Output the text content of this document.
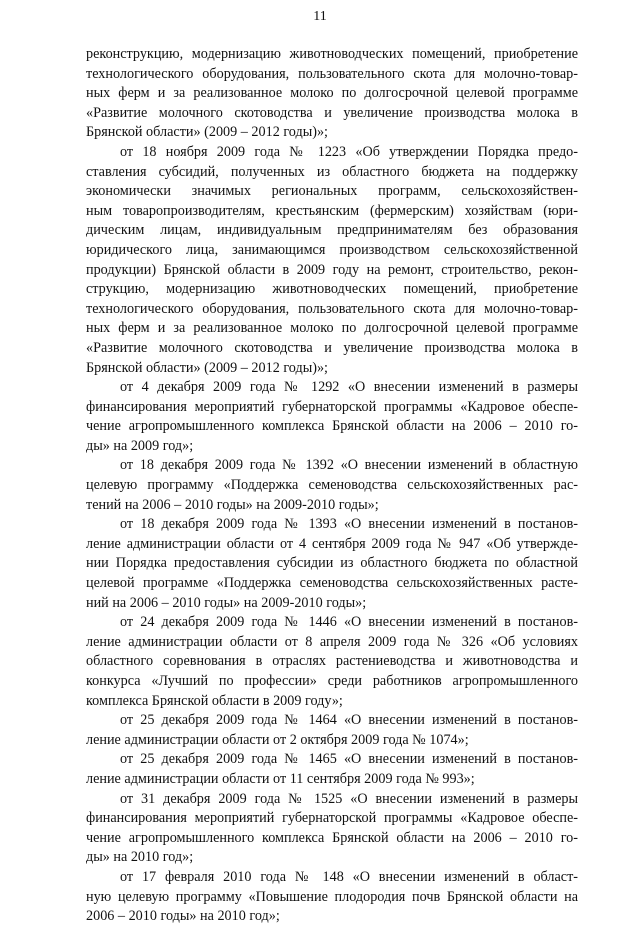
11
реконструкцию, модернизацию животноводческих помещений, приобретение
технологического оборудования, пользовательного скота для молочно-товар-
ных ферм и за реализованное молоко по долгосрочной целевой программе
«Развитие молочного скотоводства и увеличение производства молока в
Брянской области» (2009 – 2012 годы)»;
от 18 ноября 2009 года № 1223 «Об утверждении Порядка предо-
ставления субсидий, полученных из областного бюджета на поддержку
экономически значимых региональных программ, сельскохозяйствен-
ным товаропроизводителям, крестьянским (фермерским) хозяйствам (юри-
дическим лицам, индивидуальным предпринимателям без образования
юридического лица, занимающимся производством сельскохозяйственной
продукции) Брянской области в 2009 году на ремонт, строительство, рекон-
струкцию, модернизацию животноводческих помещений, приобретение
технологического оборудования, пользовательного скота для молочно-товар-
ных ферм и за реализованное молоко по долгосрочной целевой программе
«Развитие молочного скотоводства и увеличение производства молока в
Брянской области» (2009 – 2012 годы)»;
от 4 декабря 2009 года № 1292 «О внесении изменений в размеры
финансирования мероприятий губернаторской программы «Кадровое обеспе-
чение агропромышленного комплекса Брянской области на 2006 – 2010 го-
ды» на 2009 год»;
от 18 декабря 2009 года № 1392 «О внесении изменений в областную
целевую программу «Поддержка семеноводства сельскохозяйственных рас-
тений на 2006 – 2010 годы» на 2009-2010 годы»;
от 18 декабря 2009 года № 1393 «О внесении изменений в постанов-
ление администрации области от 4 сентября 2009 года № 947 «Об утвержде-
нии Порядка предоставления субсидии из областного бюджета по областной
целевой программе «Поддержка семеноводства сельскохозяйственных расте-
ний на 2006 – 2010 годы» на 2009-2010 годы»;
от 24 декабря 2009 года № 1446 «О внесении изменений в постанов-
ление администрации области от 8 апреля 2009 года № 326 «Об условиях
областного соревнования в отраслях растениеводства и животноводства и
конкурса «Лучший по профессии» среди работников агропромышленного
комплекса Брянской области в 2009 году»;
от 25 декабря 2009 года № 1464 «О внесении изменений в постанов-
ление администрации области от 2 октября 2009 года № 1074»;
от 25 декабря 2009 года № 1465 «О внесении изменений в постанов-
ление администрации области от 11 сентября 2009 года № 993»;
от 31 декабря 2009 года № 1525 «О внесении изменений в размеры
финансирования мероприятий губернаторской программы «Кадровое обеспе-
чение агропромышленного комплекса Брянской области на 2006 – 2010 го-
ды» на 2010 год»;
от 17 февраля 2010 года № 148 «О внесении изменений в област-
ную целевую программу «Повышение плодородия почв Брянской области на
2006 – 2010 годы» на 2010 год»;
